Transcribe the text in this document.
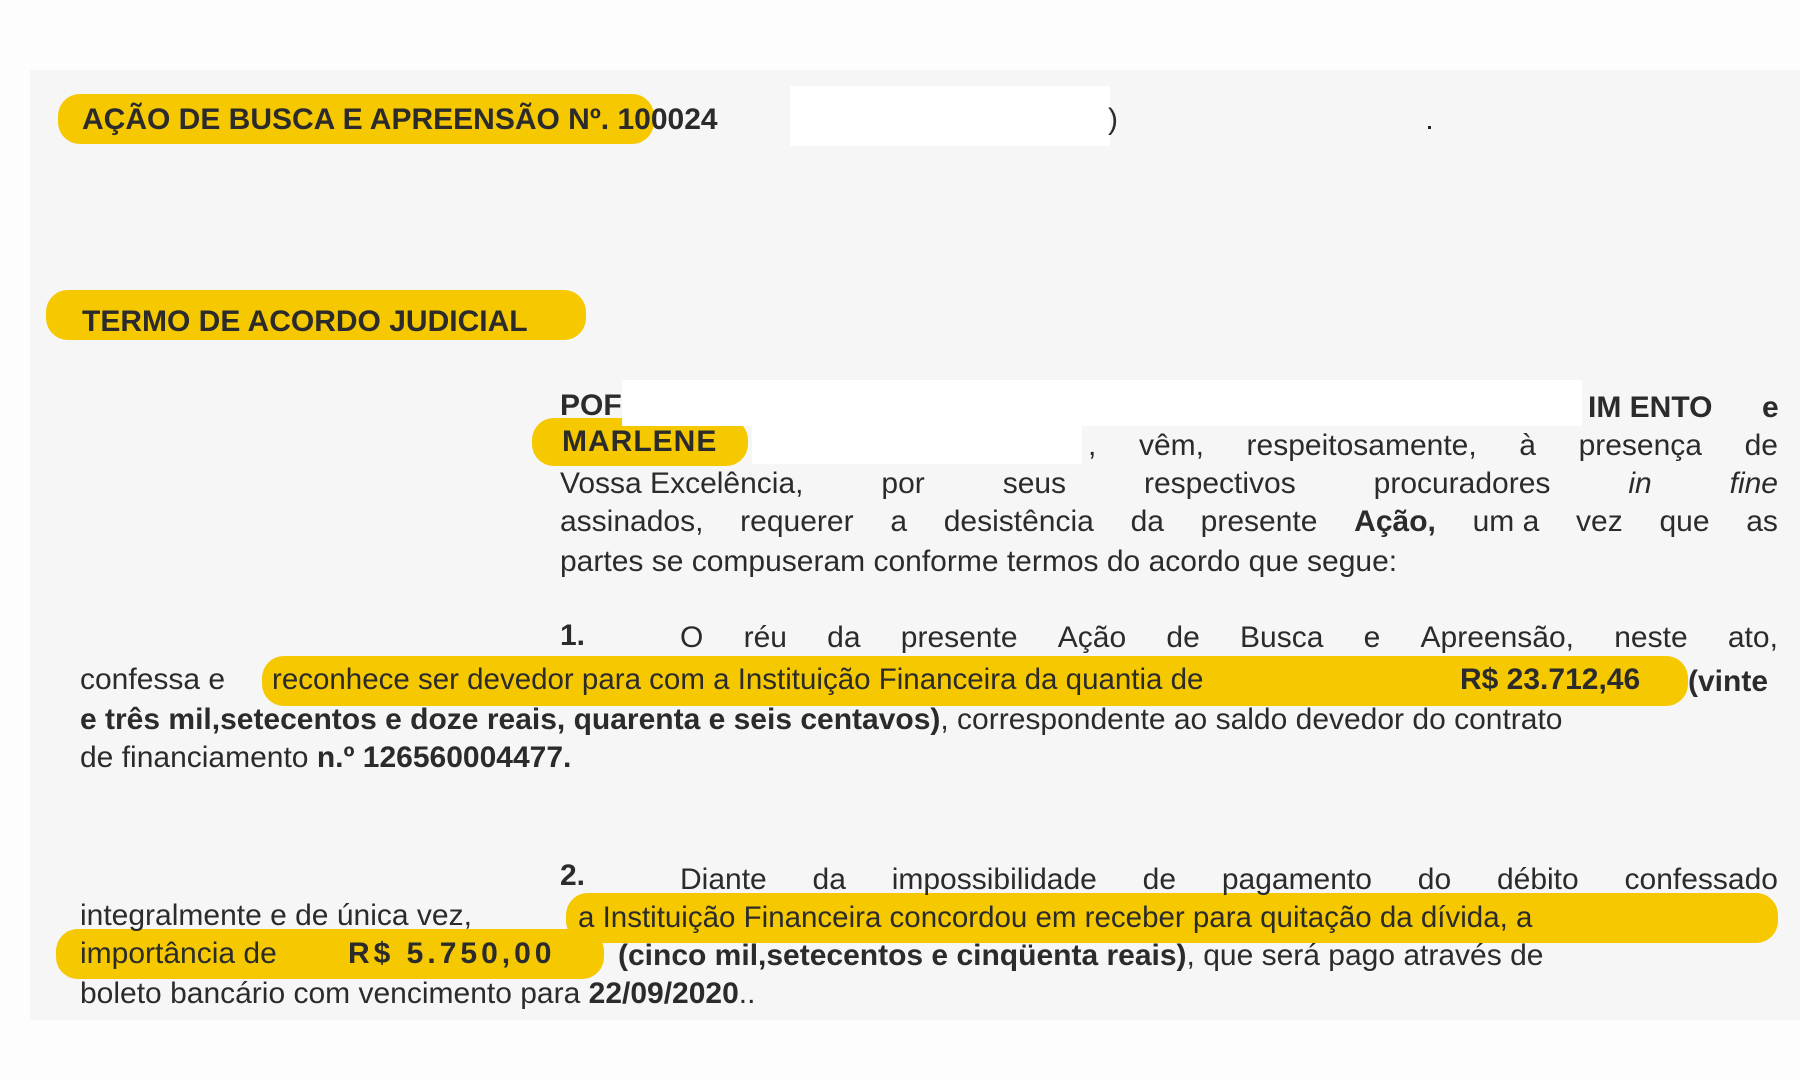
AÇÃO DE BUSCA E APREENSÃO Nº. 100024	)
TERMO DE ACORDO JUDICIAL
POF	IM ENTO e
MARLENE	, vêm, respeitosamente, à presença de
Vossa Excelência,	por	seus	respectivos	procuradores	in	fine
assinados, requerer a desistência da presente Ação, um a vez que as
partes se compuseram conforme termos do acordo que segue:
1.	O réu da presente Ação de Busca e Apreensão, neste ato,
confessa e reconhece ser devedor para com a Instituição Financeira da quantia de	R$ 23.712,46 (vinte
e três mil,setecentos e doze reais, quarenta e seis centavos), correspondente ao saldo devedor do contrato
de financiamento n.º 126560004477.
2.	Diante da impossibilidade de pagamento do débito confessado
integralmente e de única vez,	a Instituição Financeira concordou em receber para quitação da dívida, a
importância de R$ 5.750,00 (cinco mil,setecentos e cinqüenta reais), que será pago através de
boleto bancário com vencimento para 22/09/2020..
